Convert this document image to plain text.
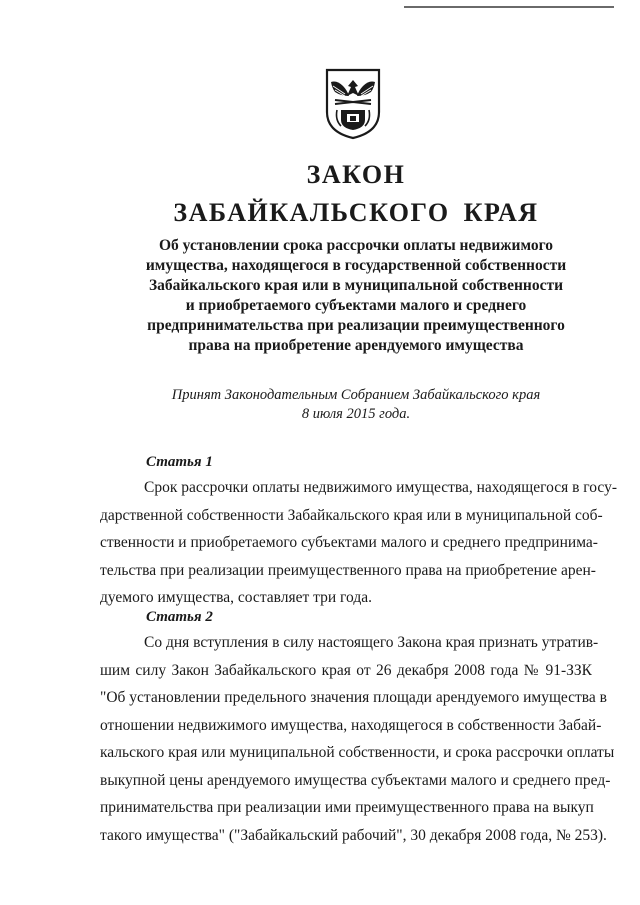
ЗАКОН
ЗАБАЙКАЛЬСКОГО КРАЯ
Об установлении срока рассрочки оплаты недвижимого
имущества, находящегося в государственной собственности
Забайкальского края или в муниципальной собственности
и приобретаемого субъектами малого и среднего
предпринимательства при реализации преимущественного
права на приобретение арендуемого имущества
Принят Законодательным Собранием Забайкальского края
8 июля 2015 года.
Статья 1
Срок рассрочки оплаты недвижимого имущества, находящегося в госу-
дарственной собственности Забайкальского края или в муниципальной соб-
ственности и приобретаемого субъектами малого и среднего предпринима-
тельства при реализации преимущественного права на приобретение арен-
дуемого имущества, составляет три года.
Статья 2
Со дня вступления в силу настоящего Закона края признать утратив-
шим силу Закон Забайкальского края от 26 декабря 2008 года № 91-ЗЗК
"Об установлении предельного значения площади арендуемого имущества в
отношении недвижимого имущества, находящегося в собственности Забай-
кальского края или муниципальной собственности, и срока рассрочки оплаты
выкупной цены арендуемого имущества субъектами малого и среднего пред-
принимательства при реализации ими преимущественного права на выкуп
такого имущества" ("Забайкальский рабочий", 30 декабря 2008 года, № 253).
